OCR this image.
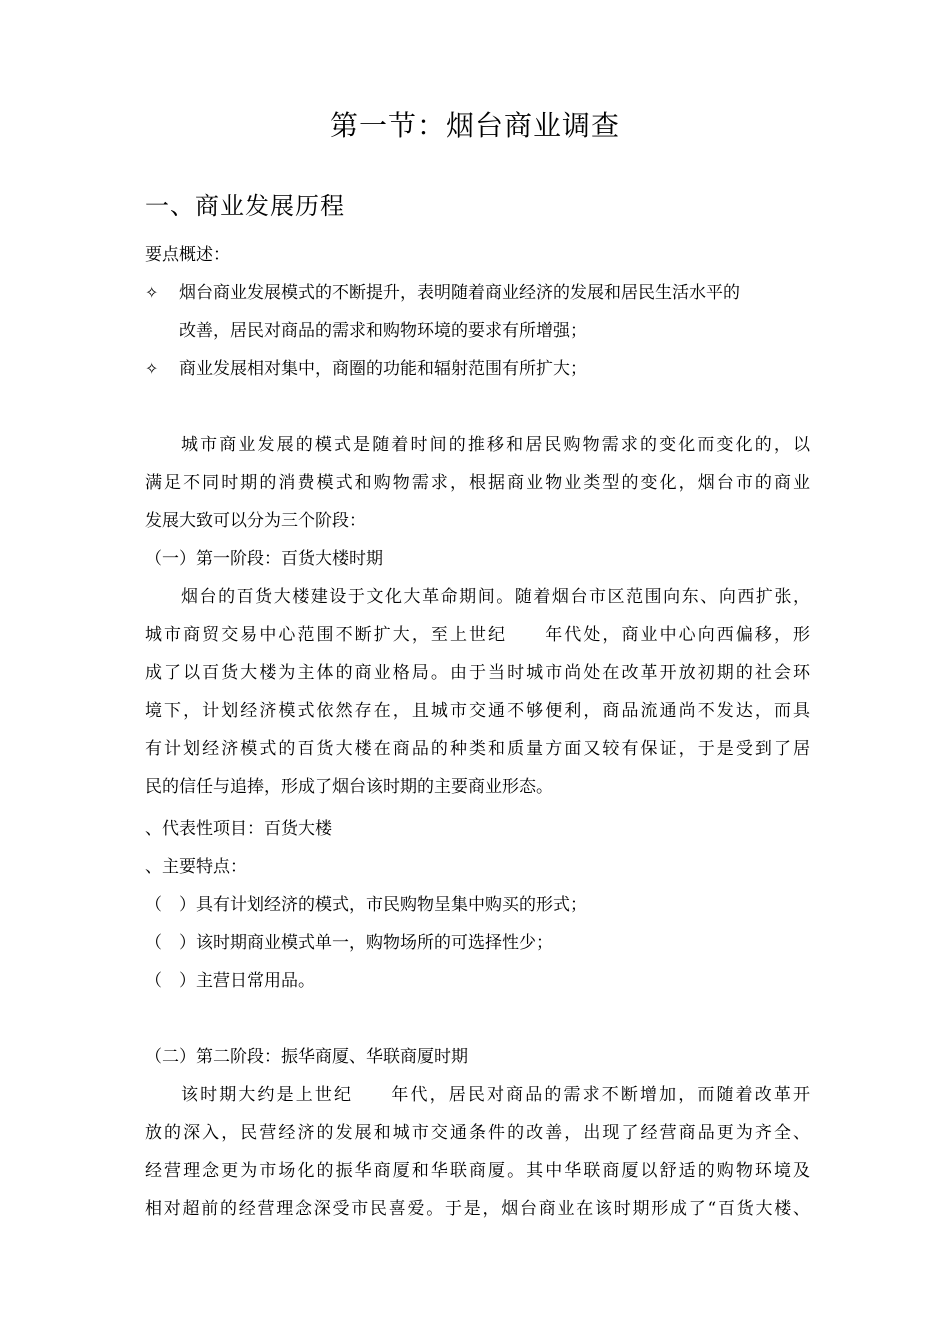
第一节：烟台商业调查
一、商业发展历程
要点概述：
✧ 烟台商业发展模式的不断提升，表明随着商业经济的发展和居民生活水平的
改善，居民对商品的需求和购物环境的要求有所增强；
✧ 商业发展相对集中，商圈的功能和辐射范围有所扩大；
城市商业发展的模式是随着时间的推移和居民购物需求的变化而变化的，以
满足不同时期的消费模式和购物需求，根据商业物业类型的变化，烟台市的商业
发展大致可以分为三个阶段：
（一）第一阶段：百货大楼时期
烟台的百货大楼建设于文化大革命期间。随着烟台市区范围向东、向西扩张，
城市商贸交易中心范围不断扩大，至上世纪　　年代处，商业中心向西偏移，形
成了以百货大楼为主体的商业格局。由于当时城市尚处在改革开放初期的社会环
境下，计划经济模式依然存在，且城市交通不够便利，商品流通尚不发达，而具
有计划经济模式的百货大楼在商品的种类和质量方面又较有保证，于是受到了居
民的信任与追捧，形成了烟台该时期的主要商业形态。
、代表性项目：百货大楼
、主要特点：
（　）具有计划经济的模式，市民购物呈集中购买的形式；
（　）该时期商业模式单一，购物场所的可选择性少；
（　）主营日常用品。
（二）第二阶段：振华商厦、华联商厦时期
该时期大约是上世纪　　年代，居民对商品的需求不断增加，而随着改革开
放的深入，民营经济的发展和城市交通条件的改善，出现了经营商品更为齐全、
经营理念更为市场化的振华商厦和华联商厦。其中华联商厦以舒适的购物环境及
相对超前的经营理念深受市民喜爱。于是，烟台商业在该时期形成了“百货大楼、
